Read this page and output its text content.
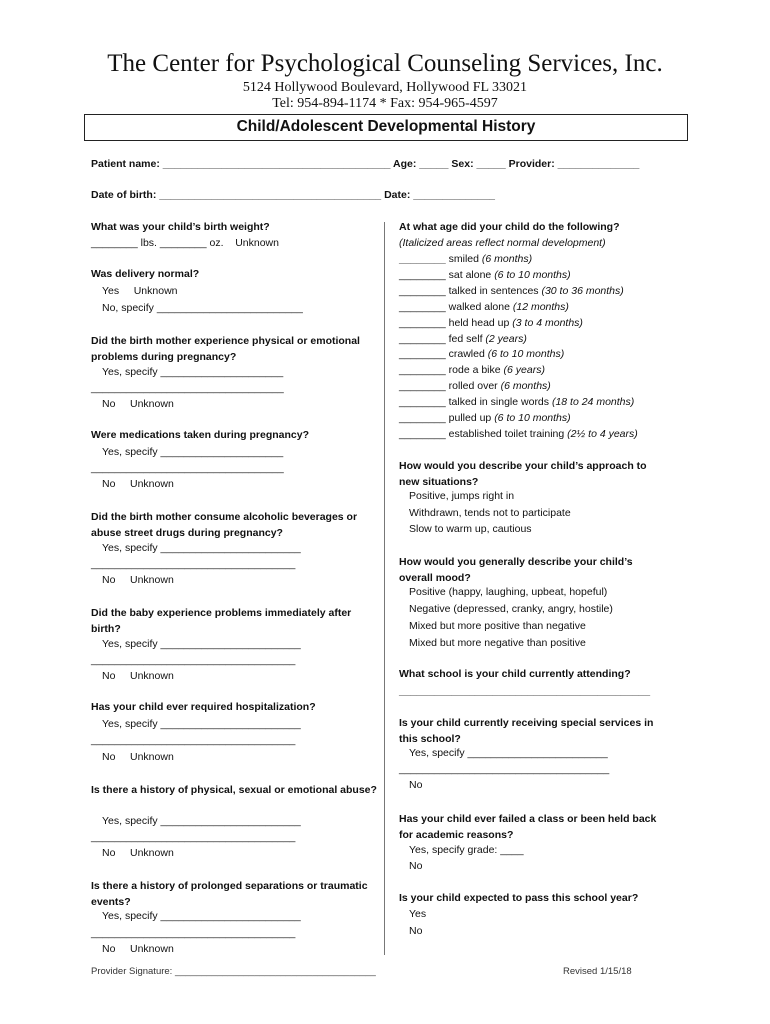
The Center for Psychological Counseling Services, Inc.
5124 Hollywood Boulevard, Hollywood FL 33021
Tel: 954-894-1174 * Fax: 954-965-4597
Child/Adolescent Developmental History
Patient name: _______________________________________ Age: _____ Sex: _____ Provider: ______________
Date of birth: ______________________________________ Date: ______________
What was your child’s birth weight?
________ lbs. ________ oz.    Unknown
Was delivery normal?
Yes     Unknown
No, specify _________________________
Did the birth mother experience physical or emotional problems during pregnancy?
Yes, specify _____________________
_________________________________
No     Unknown
Were medications taken during pregnancy?
Yes, specify _____________________
_________________________________
No     Unknown
Did the birth mother consume alcoholic beverages or abuse street drugs during pregnancy?
Yes, specify ________________________
___________________________________
No     Unknown
Did the baby experience problems immediately after birth?
Yes, specify ________________________
___________________________________
No     Unknown
Has your child ever required hospitalization?
Yes, specify ________________________
___________________________________
No     Unknown
Is there a history of physical, sexual or emotional abuse?
Yes, specify ________________________
___________________________________
No     Unknown
Is there a history of prolonged separations or traumatic events?
Yes, specify ________________________
___________________________________
No     Unknown
At what age did your child do the following?
(Italicized areas reflect normal development)
________ smiled (6 months)
________ sat alone (6 to 10 months)
________ talked in sentences (30 to 36 months)
________ walked alone (12 months)
________ held head up (3 to 4 months)
________ fed self (2 years)
________ crawled (6 to 10 months)
________ rode a bike (6 years)
________ rolled over (6 months)
________ talked in single words (18 to 24 months)
________ pulled up (6 to 10 months)
________ established toilet training (2½ to 4 years)
How would you describe your child’s approach to new situations?
Positive, jumps right in
Withdrawn, tends not to participate
Slow to warm up, cautious
How would you generally describe your child’s overall mood?
Positive (happy, laughing, upbeat, hopeful)
Negative (depressed, cranky, angry, hostile)
Mixed but more positive than negative
Mixed but more negative than positive
What school is your child currently attending?
___________________________________________
Is your child currently receiving special services in this school?
Yes, specify ________________________
____________________________________
No
Has your child ever failed a class or been held back for academic reasons?
Yes, specify grade: ____
No
Is your child expected to pass this school year?
Yes
No
Provider Signature: ______________________________________	Revised 1/15/18
